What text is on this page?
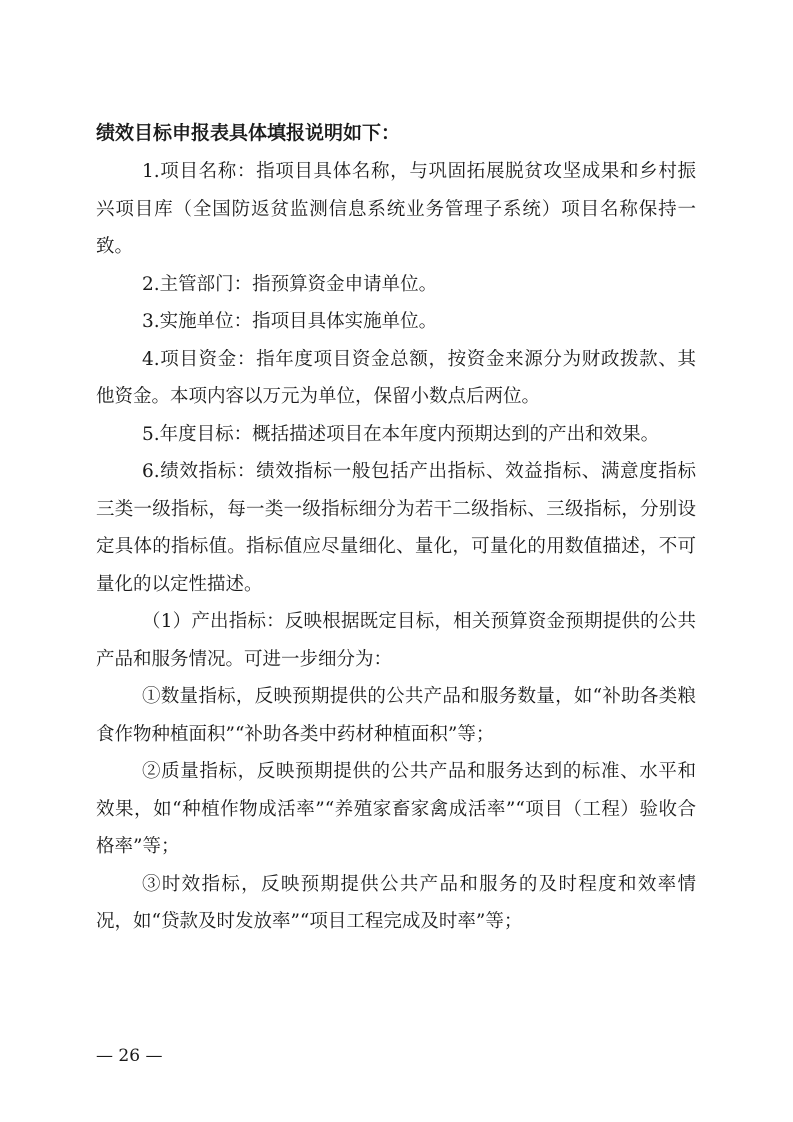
绩效目标申报表具体填报说明如下：

1.项目名称：指项目具体名称，与巩固拓展脱贫攻坚成果和乡村振兴项目库（全国防返贫监测信息系统业务管理子系统）项目名称保持一致。

2.主管部门：指预算资金申请单位。

3.实施单位：指项目具体实施单位。

4.项目资金：指年度项目资金总额，按资金来源分为财政拨款、其他资金。本项内容以万元为单位，保留小数点后两位。

5.年度目标：概括描述项目在本年度内预期达到的产出和效果。

6.绩效指标：绩效指标一般包括产出指标、效益指标、满意度指标三类一级指标，每一类一级指标细分为若干二级指标、三级指标，分别设定具体的指标值。指标值应尽量细化、量化，可量化的用数值描述，不可量化的以定性描述。

（1）产出指标：反映根据既定目标，相关预算资金预期提供的公共产品和服务情况。可进一步细分为：

①数量指标，反映预期提供的公共产品和服务数量，如“补助各类粮食作物种植面积”“补助各类中药材种植面积”等；

②质量指标，反映预期提供的公共产品和服务达到的标准、水平和效果，如“种植作物成活率”“养殖家畜家禽成活率”“项目（工程）验收合格率”等；

③时效指标，反映预期提供公共产品和服务的及时程度和效率情况，如“贷款及时发放率”“项目工程完成及时率”等；

— 26 —
